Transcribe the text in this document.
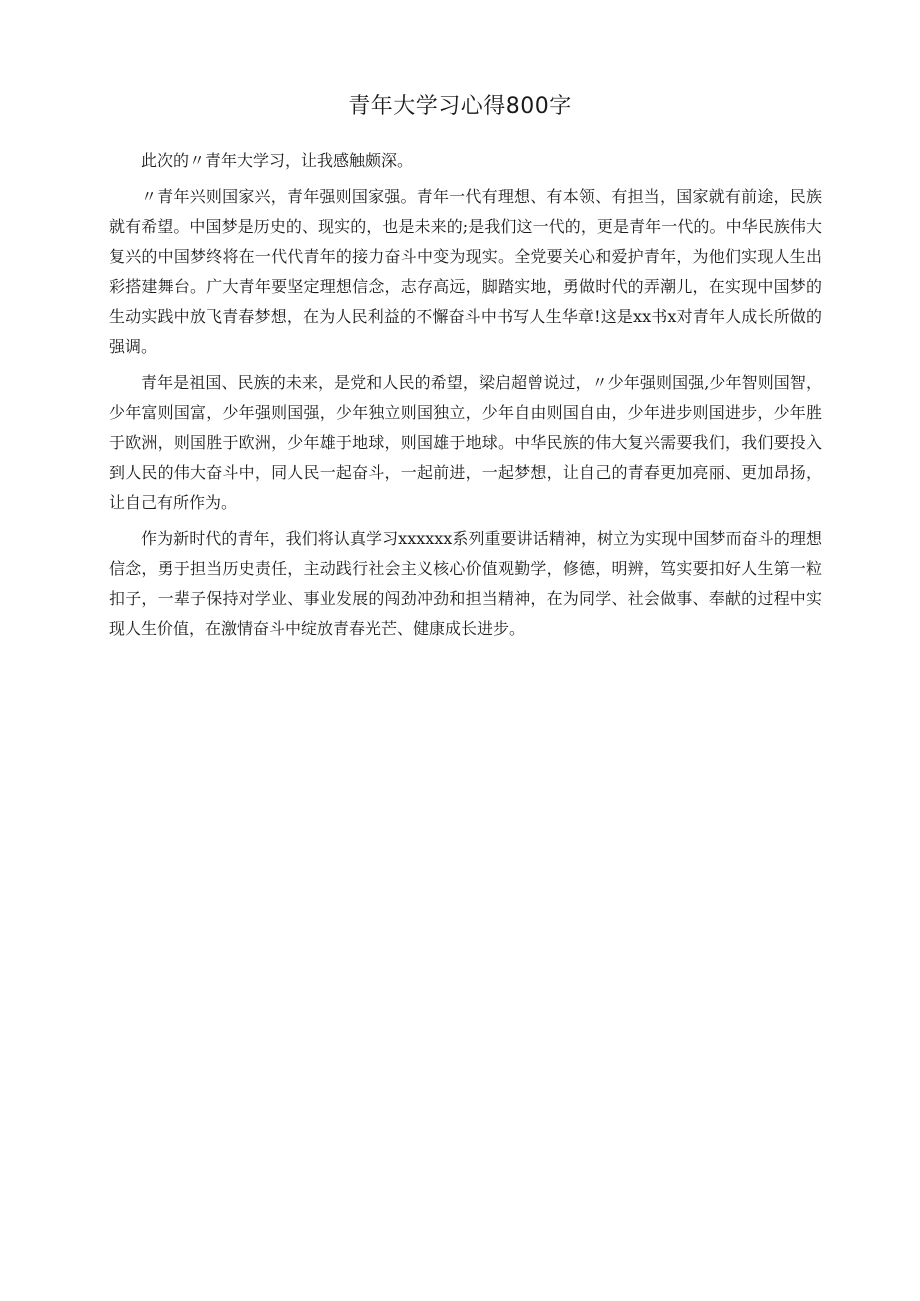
青年大学习心得800字

此次的〃青年大学习，让我感触颇深。

〃青年兴则国家兴，青年强则国家强。青年一代有理想、有本领、有担当，国家就有前途，民族就有希望。中国梦是历史的、现实的，也是未来的;是我们这一代的，更是青年一代的。中华民族伟大复兴的中国梦终将在一代代青年的接力奋斗中变为现实。全党要关心和爱护青年，为他们实现人生出彩搭建舞台。广大青年要坚定理想信念，志存高远，脚踏实地，勇做时代的弄潮儿，在实现中国梦的生动实践中放飞青春梦想，在为人民利益的不懈奋斗中书写人生华章!这是xx书x对青年人成长所做的强调。

青年是祖国、民族的未来，是党和人民的希望，梁启超曾说过，〃少年强则国强,少年智则国智，少年富则国富，少年强则国强，少年独立则国独立，少年自由则国自由，少年进步则国进步，少年胜于欧洲，则国胜于欧洲，少年雄于地球，则国雄于地球。中华民族的伟大复兴需要我们，我们要投入到人民的伟大奋斗中，同人民一起奋斗，一起前进，一起梦想，让自己的青春更加亮丽、更加昂扬，让自己有所作为。

作为新时代的青年，我们将认真学习xxxxxx系列重要讲话精神，树立为实现中国梦而奋斗的理想信念，勇于担当历史责任，主动践行社会主义核心价值观勤学，修德，明辨，笃实要扣好人生第一粒扣子，一辈子保持对学业、事业发展的闯劲冲劲和担当精神，在为同学、社会做事、奉献的过程中实现人生价值，在激情奋斗中绽放青春光芒、健康成长进步。
